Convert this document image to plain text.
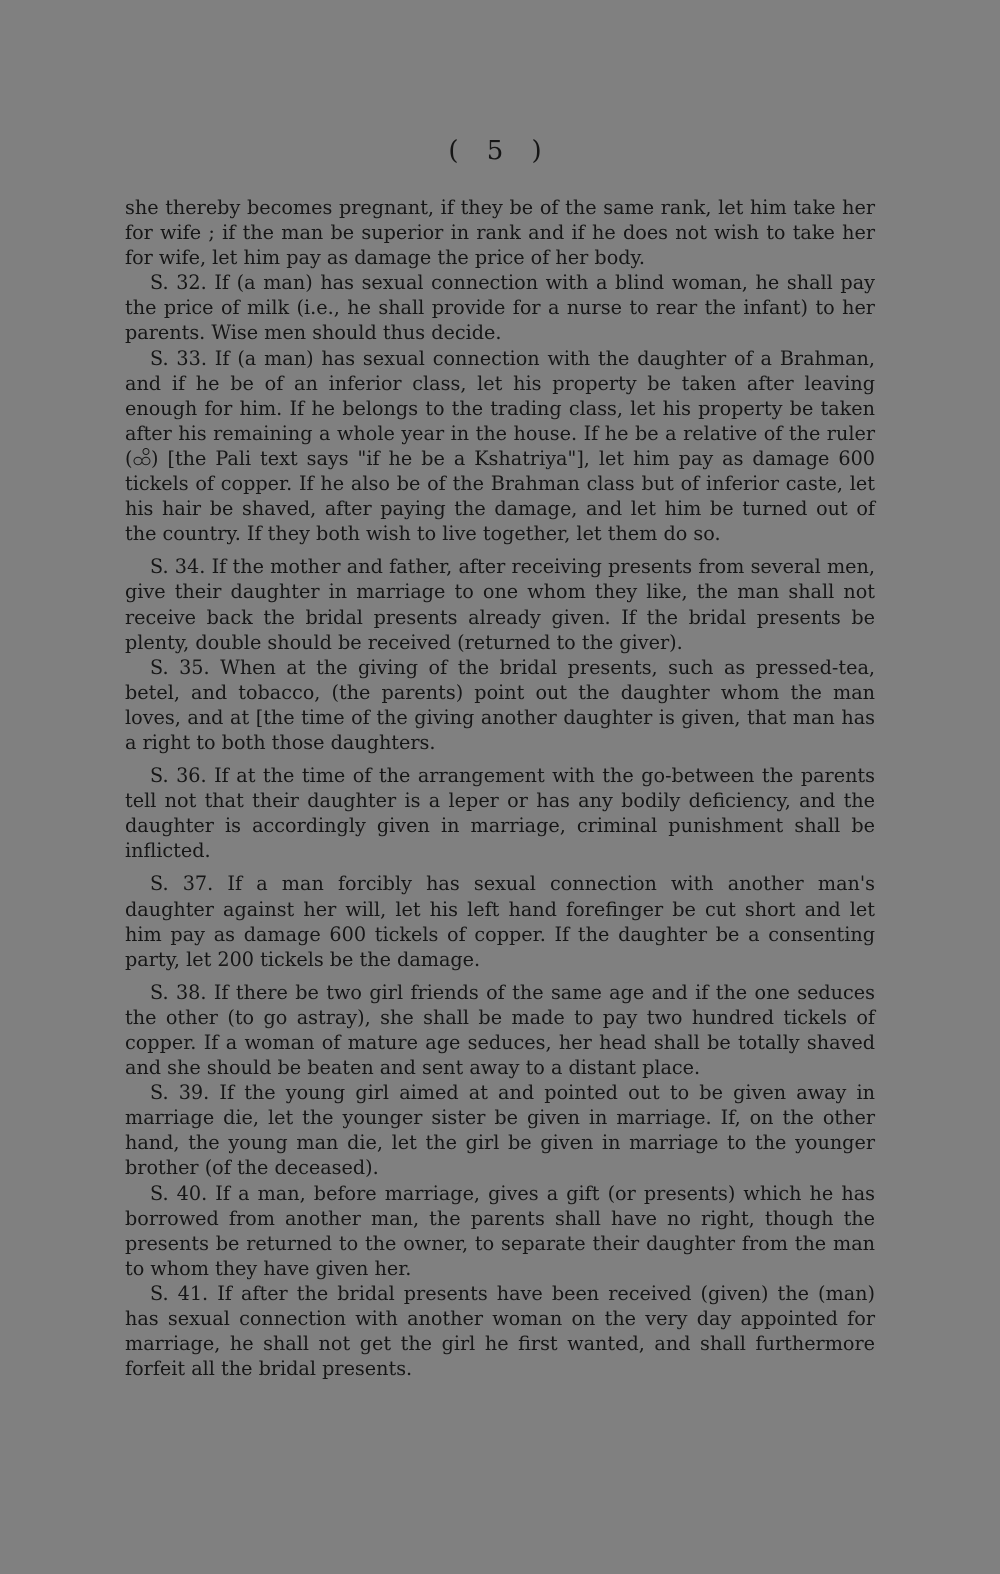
( 5 )

she thereby becomes pregnant, if they be of the same rank, let him take her for wife ; if the man be superior in rank and if he does not wish to take her for wife, let him pay as damage the price of her body.

S. 32. If (a man) has sexual connection with a blind woman, he shall pay the price of milk (i.e., he shall provide for a nurse to rear the infant) to her parents. Wise men should thus decide.

S. 33. If (a man) has sexual connection with the daughter of a Brahman, and if he be of an inferior class, let his property be taken after leaving enough for him. If he belongs to the trading class, let his property be taken after his remaining a whole year in the house. If he be a relative of the ruler (ထိ) [the Pali text says "if he be a Kshatriya"], let him pay as damage 600 tickels of copper. If he also be of the Brahman class but of inferior caste, let his hair be shaved, after paying the damage, and let him be turned out of the country. If they both wish to live together, let them do so.

S. 34. If the mother and father, after receiving presents from several men, give their daughter in marriage to one whom they like, the man shall not receive back the bridal presents already given. If the bridal presents be plenty, double should be received (returned to the giver).

S. 35. When at the giving of the bridal presents, such as pressed-tea, betel, and tobacco, (the parents) point out the daughter whom the man loves, and at [the time of the giving another daughter is given, that man has a right to both those daughters.

S. 36. If at the time of the arrangement with the go-between the parents tell not that their daughter is a leper or has any bodily deficiency, and the daughter is accordingly given in marriage, criminal punishment shall be inflicted.

S. 37. If a man forcibly has sexual connection with another man's daughter against her will, let his left hand forefinger be cut short and let him pay as damage 600 tickels of copper. If the daughter be a consenting party, let 200 tickels be the damage.

S. 38. If there be two girl friends of the same age and if the one seduces the other (to go astray), she shall be made to pay two hundred tickels of copper. If a woman of mature age seduces, her head shall be totally shaved and she should be beaten and sent away to a distant place.

S. 39. If the young girl aimed at and pointed out to be given away in marriage die, let the younger sister be given in marriage. If, on the other hand, the young man die, let the girl be given in marriage to the younger brother (of the deceased).

S. 40. If a man, before marriage, gives a gift (or presents) which he has borrowed from another man, the parents shall have no right, though the presents be returned to the owner, to separate their daughter from the man to whom they have given her.

S. 41. If after the bridal presents have been received (given) the (man) has sexual connection with another woman on the very day appointed for marriage, he shall not get the girl he first wanted, and shall furthermore forfeit all the bridal presents.
